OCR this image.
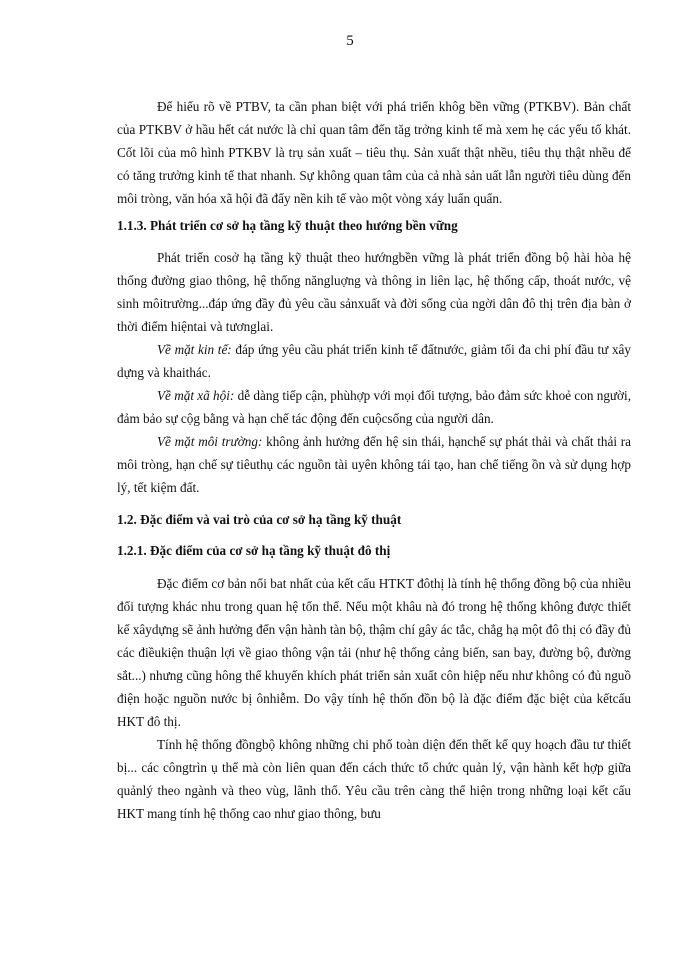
5

Để hiểu rõ về PTBV, ta cần phan biệt với phá triển khôg bền vững (PTKBV). Bản chất của PTKBV ở hầu hết cát nước là chỉ quan tâm đến tăg trởng kinh tế mà xem hẹ các yếu tố khát. Cốt lõi của mô hình PTKBV là trụ sản xuất – tiêu thụ. Sản xuất thật nhều, tiêu thụ thật nhều để có tăng trưởng kinh tế that nhanh. Sự không quan tâm của cả nhà sản uất lẫn người tiêu dùng đến môi tròng, văn hóa xã hội đã đẩy nền kih tế vào một vòng xáy luẩn quẩn.

1.1.3. Phát triển cơ sở hạ tầng kỹ thuật theo hướng bền vững

Phát triển cosở hạ tầng kỹ thuật theo hướngbền vững là phát triển đồng bộ hài hòa hệ thống đường giao thông, hệ thống năngluợng và thông in liên lạc, hệ thống cấp, thoát nước, vệ sinh môitrường...đáp ứng đầy đủ yêu cầu sảnxuất và đời sống của ngời dân đô thị trên địa bàn ở thời điểm hiệntai và tươnglai.

Về mặt kin tế: đáp ứng yêu cầu phát triển kinh tế đấtnước, giảm tối đa chi phí đầu tư xây dựng và khaithác.

Về mặt xã hội: dễ dàng tiếp cận, phùhợp với mọi đối tượng, bảo đảm sức khoẻ con người, đảm bảo sự cộg bằng và hạn chế tác động đến cuộcsống của người dân.

Về mặt môi trường: không ảnh hưởng đến hệ sin thái, hạnchế sự phát thải và chất thải ra môi tròng, hạn chế sự tiêuthụ các nguồn tài uyên không tái tạo, han chế tiếng ồn và sử dụng hợp lý, tết kiệm đất.

1.2. Đặc điểm và vai trò của cơ sở hạ tầng kỹ thuật

1.2.1. Đặc điểm của cơ sở hạ tầng kỹ thuật đô thị

Đặc điểm cơ bản nổi bat nhất của kết cấu HTKT đôthị là tính hệ thống đồng bộ của nhiều đối tượng khác nhu trong quan hệ tổn thể. Nếu một khâu nà đó trong hệ thống không được thiết kế xâydựng sẽ ảnh hưởng đến vận hành tàn bộ, thậm chí gây ác tắc, chẳg hạ một đô thị có đầy đủ các điềukiện thuận lợi về giao thông vận tải (như hệ thống cảng biển, san bay, đường bộ, đường sắt...) nhưng cũng hông thể khuyến khích phát triển sản xuất côn hiệp nếu như không có đủ nguồ điện hoặc nguồn nước bị ônhiễm. Do vậy tính hệ thốn đồn bộ là đặc điểm đặc biệt của kếtcấu HKT đô thị.

Tính hệ thống đồngbộ không những chi phố toàn diện đến thết kế quy hoạch đầu tư thiết bị... các côngtrìn ụ thể mà còn liên quan đến cách thức tổ chức quản lý, vận hành kết hợp giữa quảnlý theo ngành và theo vùg, lãnh thổ. Yêu cầu trên càng thể hiện trong những loại kết cấu HKT mang tính hệ thống cao như giao thông, bưu
